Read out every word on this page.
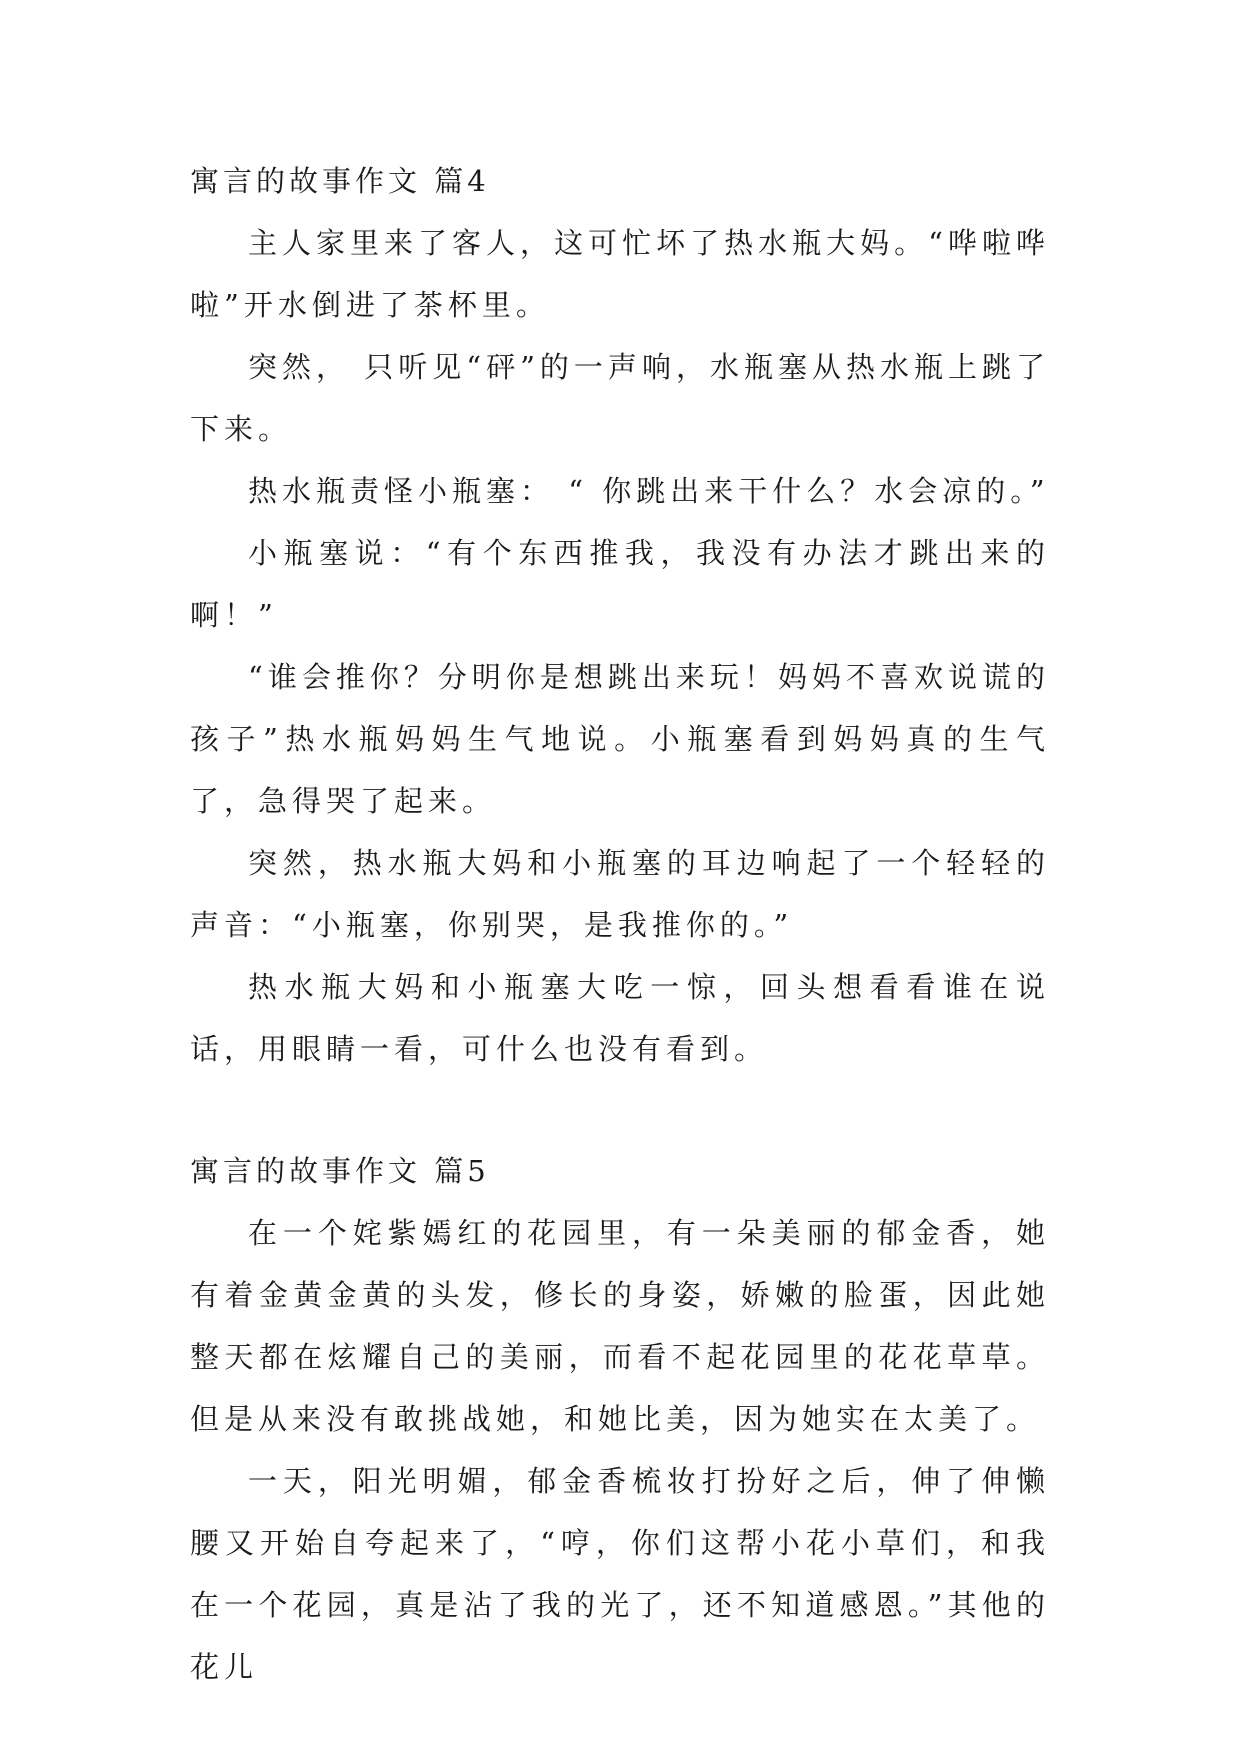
寓言的故事作文 篇4

主人家里来了客人，这可忙坏了热水瓶大妈。“哗啦哗啦”开水倒进了茶杯里。

突然， 只听见“砰”的一声响，水瓶塞从热水瓶上跳了下来。

热水瓶责怪小瓶塞： “ 你跳出来干什么？水会凉的。”

小瓶塞说：“有个东西推我，我没有办法才跳出来的啊！”

“谁会推你？分明你是想跳出来玩！妈妈不喜欢说谎的孩子”热水瓶妈妈生气地说。小瓶塞看到妈妈真的生气了，急得哭了起来。

突然，热水瓶大妈和小瓶塞的耳边响起了一个轻轻的声音：“小瓶塞，你别哭，是我推你的。”

热水瓶大妈和小瓶塞大吃一惊，回头想看看谁在说话，用眼睛一看，可什么也没有看到。

寓言的故事作文 篇5

在一个姹紫嫣红的花园里，有一朵美丽的郁金香，她有着金黄金黄的头发，修长的身姿，娇嫩的脸蛋，因此她整天都在炫耀自己的美丽，而看不起花园里的花花草草。但是从来没有敢挑战她，和她比美，因为她实在太美了。

一天，阳光明媚，郁金香梳妆打扮好之后，伸了伸懒腰又开始自夸起来了，“哼，你们这帮小花小草们，和我在一个花园，真是沾了我的光了，还不知道感恩。”其他的花儿
